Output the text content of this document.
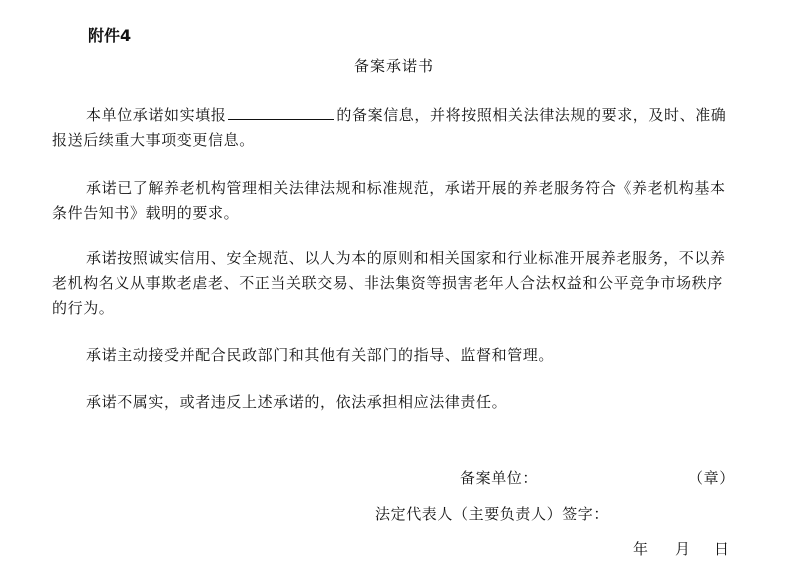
附件4
备案承诺书

本单位承诺如实填报	的备案信息，并将按照相关法律法规的要求，及时、准确报送后续重大事项变更信息。

承诺已了解养老机构管理相关法律法规和标准规范，承诺开展的养老服务符合《养老机构基本条件告知书》载明的要求。

承诺按照诚实信用、安全规范、以人为本的原则和相关国家和行业标准开展养老服务，不以养老机构名义从事欺老虐老、不正当关联交易、非法集资等损害老年人合法权益和公平竞争市场秩序的行为。

承诺主动接受并配合民政部门和其他有关部门的指导、监督和管理。

承诺不属实，或者违反上述承诺的，依法承担相应法律责任。

备案单位：	（章）
法定代表人（主要负责人）签字：
年 月 日
